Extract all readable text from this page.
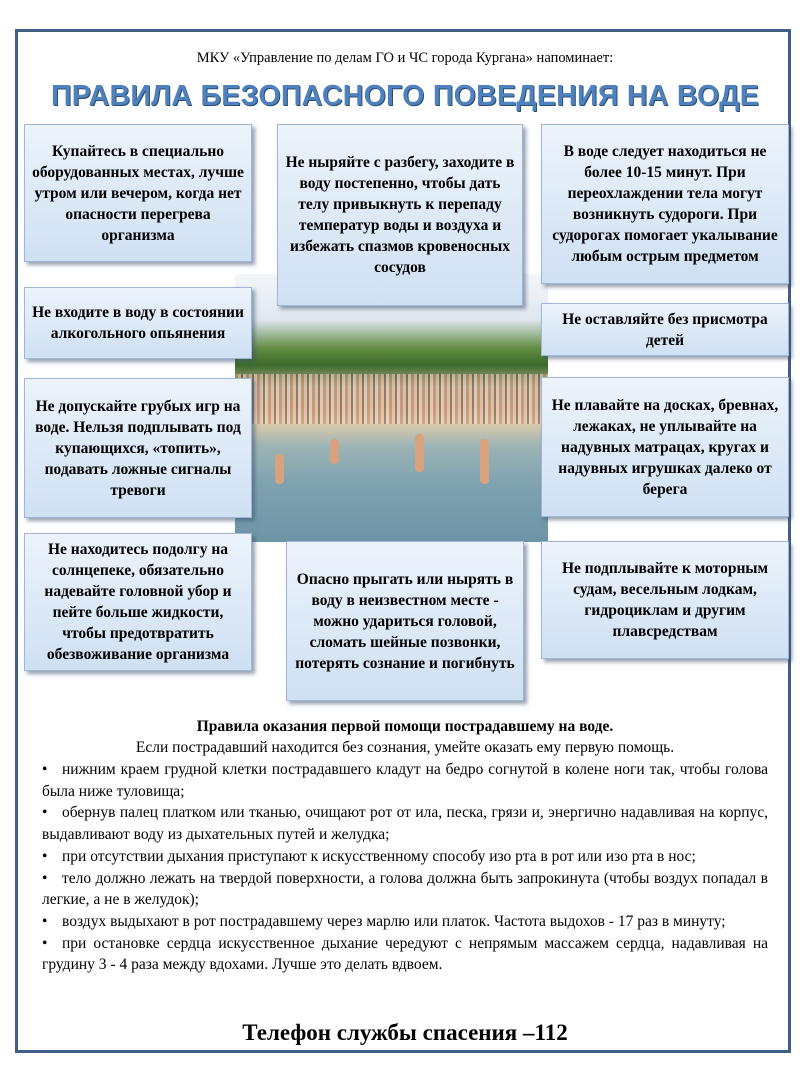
МКУ «Управление по делам ГО и ЧС города Кургана» напоминает:
ПРАВИЛА БЕЗОПАСНОГО ПОВЕДЕНИЯ НА ВОДЕ
Купайтесь в специально оборудованных местах, лучше утром или вечером, когда нет опасности перегрева организма
Не ныряйте с разбегу, заходите в воду постепенно, чтобы дать телу привыкнуть к перепаду температур воды и воздуха и избежать спазмов кровеносных сосудов
В воде следует находиться не более 10-15 минут. При переохлаждении тела могут возникнуть судороги. При судорогах помогает укалывание любым острым предметом
Не входите в воду в состоянии алкогольного опьянения
Не оставляйте без присмотра детей
Не допускайте грубых игр на воде. Нельзя подплывать под купающихся, «топить», подавать ложные сигналы тревоги
Не плавайте на досках, бревнах, лежаках, не уплывайте на надувных матрацах, кругах и надувных игрушках далеко от берега
Не находитесь подолгу на солнцепеке, обязательно надевайте головной убор и пейте больше жидкости, чтобы предотвратить обезвоживание организма
Опасно прыгать или нырять в воду в неизвестном месте - можно удариться головой, сломать шейные позвонки, потерять сознание и погибнуть
Не подплывайте к моторным судам, весельным лодкам, гидроциклам и другим плавсредствам
Правила оказания первой помощи пострадавшему на воде.
Если пострадавший находится без сознания, умейте оказать ему первую помощь.
• нижним краем грудной клетки пострадавшего кладут на бедро согнутой в колене ноги так, чтобы голова была ниже туловища;
• обернув палец платком или тканью, очищают рот от ила, песка, грязи и, энергично надавливая на корпус, выдавливают воду из дыхательных путей и желудка;
• при отсутствии дыхания приступают к искусственному способу изо рта в рот или изо рта в нос;
• тело должно лежать на твердой поверхности, а голова должна быть запрокинута (чтобы воздух попадал в легкие, а не в желудок);
• воздух выдыхают в рот пострадавшему через марлю или платок. Частота выдохов - 17 раз в минуту;
• при остановке сердца искусственное дыхание чередуют с непрямым массажем сердца, надавливая на грудину 3 - 4 раза между вдохами. Лучше это делать вдвоем.
Телефон службы спасения –112
